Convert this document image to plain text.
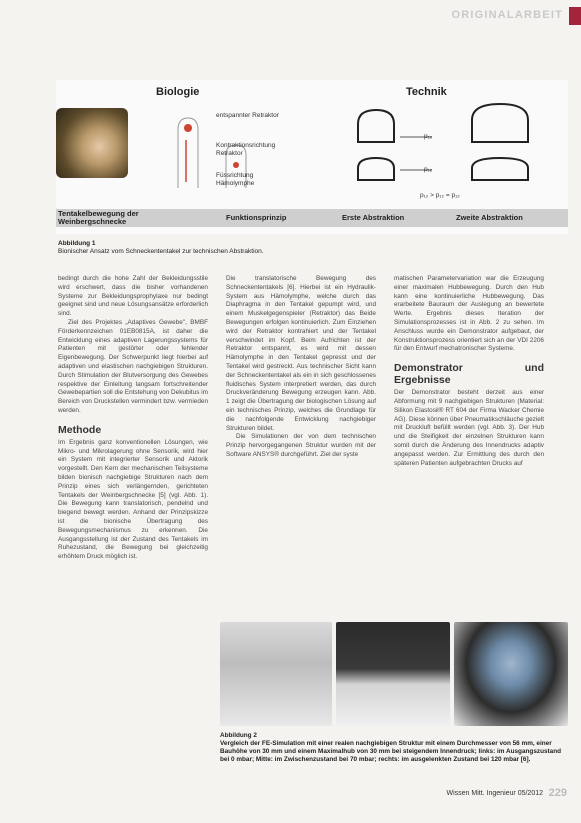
ORIGINALARBEIT
Biologie	Technik
entspannter Retraktor
Kontraktionsrichtung Retraktor
Füssrichtung Hämolymphe
p₁₂
p₁₂
p₁₂ > p₁₂ = p₁₂
Tentakelbewegung der Weinbergschnecke	Funktionsprinzip	Erste Abstraktion	Zweite Abstraktion
Abbildung 1
Bionischer Ansatz vom Schneckententakel zur technischen Abstraktion.

bedingt durch die hohe Zahl der Bekleidungsstile wird erschwert, dass die bisher vorhandenen Systeme zur Bekleidungsprophylaxe nur bedingt geeignet sind und neue Lösungsansätze erforderlich sind.

Ziel des Projektes „Adaptives Gewebe", BMBF Förderkennzeichen 01EB0815A, ist daher die Entwicklung eines adaptiven Lagerungssystems für Patienten mit gestörter oder fehlender Eigenbewegung. Der Schwerpunkt liegt hierbei auf adaptiven und elastischen nachgiebigen Strukturen. Durch Stimulation der Blutversorgung des Gewebes respektive der Einleitung langsam fortschreitender Gewebepartien soll die Entstehung von Dekubitus im Bereich von Druckstellen vermindert bzw. vermieden werden.

Methode

Im Ergebnis ganz konventionellen Lösungen, wie Mikro- und Mikrolagerung ohne Sensorik, wird hier ein System mit integrierter Sensorik und Aktorik vorgestellt. Den Kern der mechanischen Teilsysteme bilden bionisch nachgiebige Strukturen nach dem Prinzip eines sich verlängernden, gerichteten Tentakels der Weinbergschnecke [5] (vgl. Abb. 1). Die Bewegung kann translatorisch, pendelnd und biegend bewegt werden. Anhand der Prinzipskizze ist die bionische Übertragung des Bewegungsmechanismus zu erkennen. Die Ausgangsstellung ist der Zustand des Tentakels im Ruhezustand, die Bewegung bei gleichzeitig erhöhtem Druck möglich ist.

Die translatorische Bewegung des Schneckententakels [6]. Hierbei ist ein Hydraulik-System aus Hämolymphe, welche durch das Diaphragma in den Tentakel gepumpt wird, und einem Muskelgegenspieler (Retraktor) das Beide Bewegungen erfolgen kontinuierlich. Zum Einziehen wird der Retraktor kontrahiert und der Tentakel verschwindet im Kopf. Beim Aufrichten ist der Retraktor entspannt, es wird mit dessen Hämolymphe in den Tentakel gepresst und der Tentakel wird gestreckt. Aus technischer Sicht kann der Schneckententakel als ein in sich geschlossenes fluidisches System interpretiert werden, das durch Druckveränderung Bewegung erzeugen kann. Abb. 1 zeigt die Übertragung der biologischen Lösung auf ein technisches Prinzip, welches die Grundlage für die nachfolgende Entwicklung nachgiebiger Strukturen bildet.

Die Simulationen der von dem technischen Prinzip hervorgegangenen Struktur wurden mit der Software ANSYS® durchgeführt. Ziel der syste

matischen Parametervariation war die Erzeugung einer maximalen Hubbewegung. Durch den Hub kann eine kontinuierliche Hubbewegung. Das erarbeitete Bauraum der Auslegung an bewertete Werte. Ergebnis dieses Iteration der Simulationsprozesses ist in Abb. 2 zu sehen. Im Anschluss wurde ein Demonstrator aufgebaut, der Konstruktionsprozess orientiert sich an der VDI 2206 für den Entwurf mechatronischer Systeme.

Demonstrator und Ergebnisse

Der Demonstrator besteht derzeit aus einer Abformung mit 9 nachgiebigen Strukturen (Material: Silikon Elastosil® RT 604 der Firma Wacker Chemie AG). Diese können über Pneumatikschläuche gezielt mit Druckluft befüllt werden (vgl. Abb. 3). Der Hub und die Steifigkeit der einzelnen Strukturen kann somit durch die Änderung des Innendrucks adaptiv angepasst werden. Zur Ermittlung des durch den späteren Patienten aufgebrachten Drucks auf

Abbildung 2
Vergleich der FE-Simulation mit einer realen nachgiebigen Struktur mit einem Durchmesser von 56 mm, einer Bauhöhe von 30 mm und einem Maximalhub von 30 mm bei steigendem Innendruck; links: im Ausgangszustand bei 0 mbar; Mitte: im Zwischenzustand bei 70 mbar; rechts: im ausgelenkten Zustand bei 120 mbar [6].
Wissen Mitt. Ingenieur 05/2012 229
